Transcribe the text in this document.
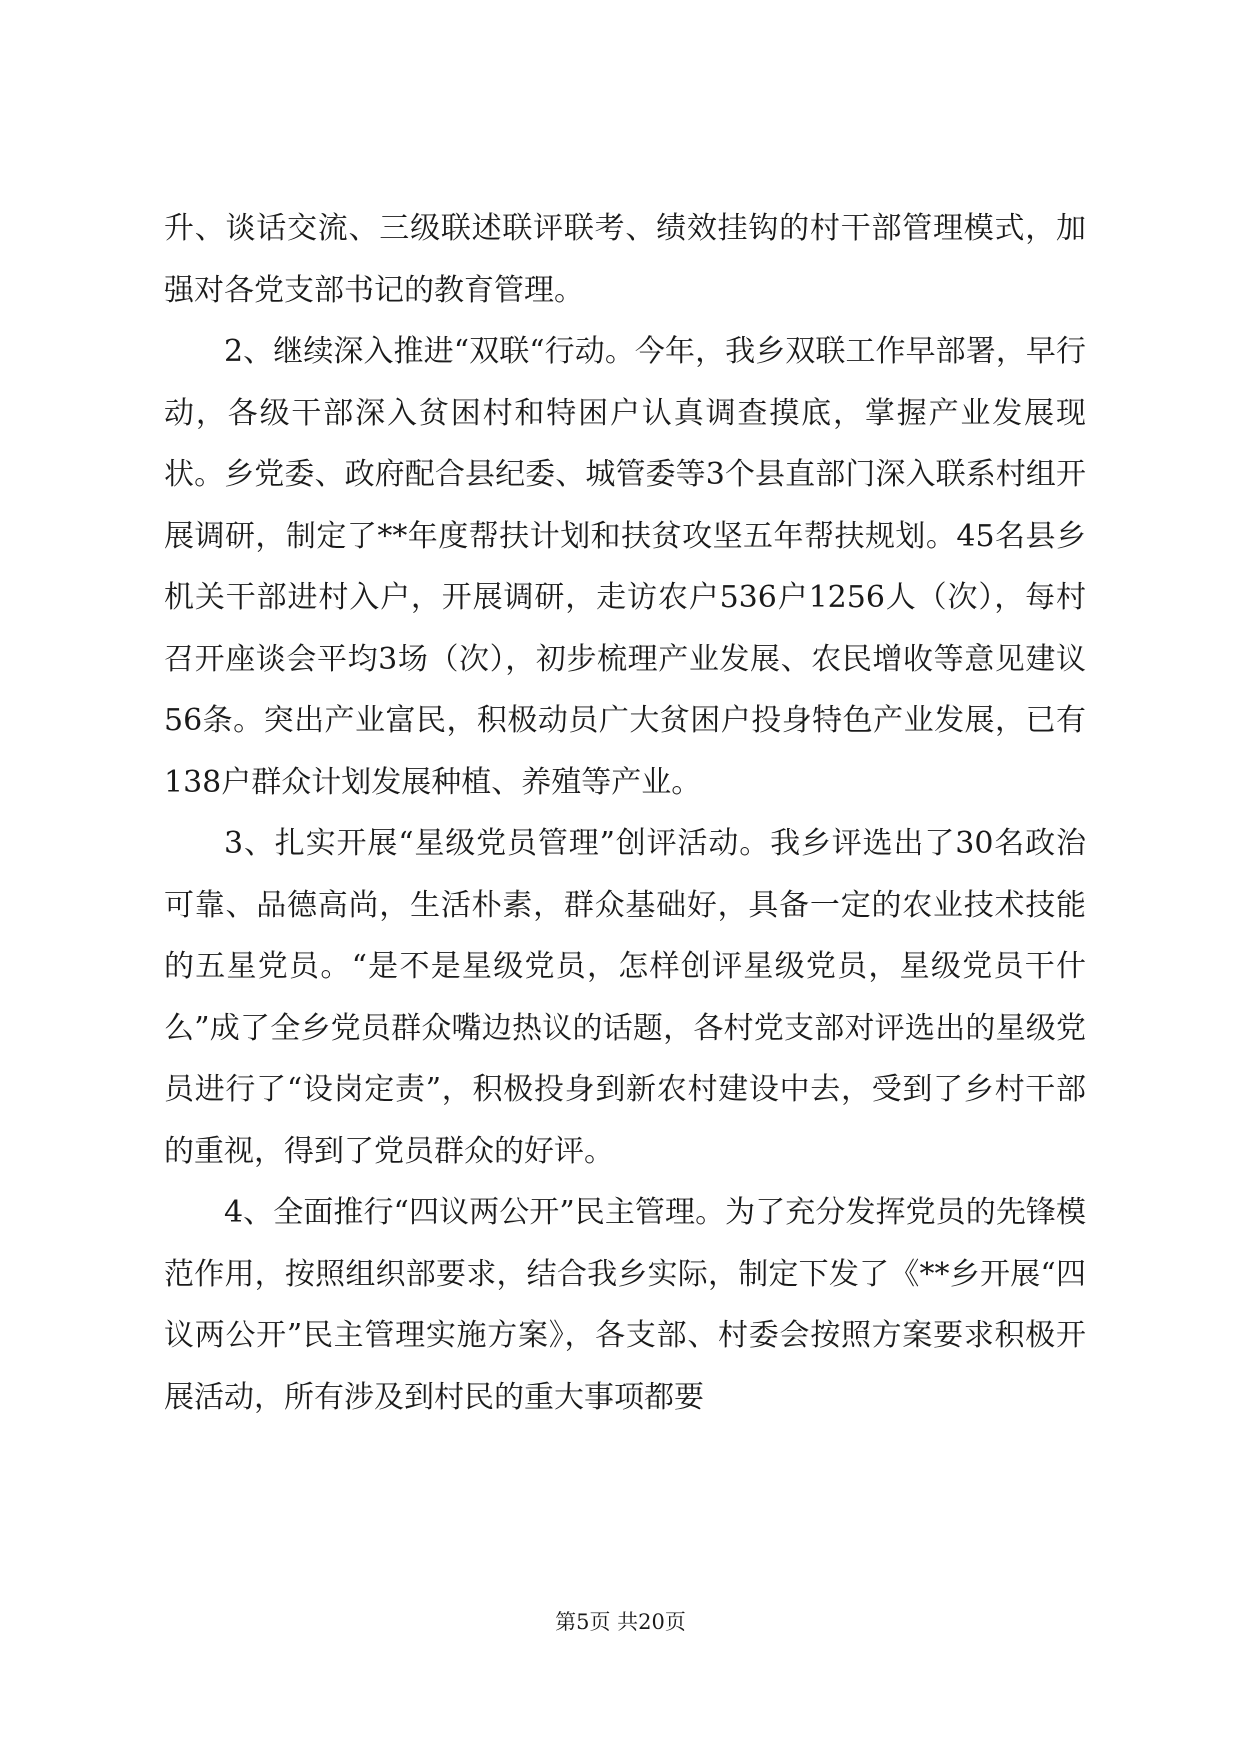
升、谈话交流、三级联述联评联考、绩效挂钩的村干部管理模式，加强对各党支部书记的教育管理。

2、继续深入推进“双联“行动。今年，我乡双联工作早部署，早行动，各级干部深入贫困村和特困户认真调查摸底，掌握产业发展现状。乡党委、政府配合县纪委、城管委等3个县直部门深入联系村组开展调研，制定了**年度帮扶计划和扶贫攻坚五年帮扶规划。45名县乡机关干部进村入户，开展调研，走访农户536户1256人（次），每村召开座谈会平均3场（次），初步梳理产业发展、农民增收等意见建议56条。突出产业富民，积极动员广大贫困户投身特色产业发展，已有138户群众计划发展种植、养殖等产业。

3、扎实开展“星级党员管理”创评活动。我乡评选出了30名政治可靠、品德高尚，生活朴素，群众基础好，具备一定的农业技术技能的五星党员。“是不是星级党员，怎样创评星级党员，星级党员干什么”成了全乡党员群众嘴边热议的话题，各村党支部对评选出的星级党员进行了“设岗定责”，积极投身到新农村建设中去，受到了乡村干部的重视，得到了党员群众的好评。

4、全面推行“四议两公开”民主管理。为了充分发挥党员的先锋模范作用，按照组织部要求，结合我乡实际，制定下发了《**乡开展“四议两公开”民主管理实施方案》，各支部、村委会按照方案要求积极开展活动，所有涉及到村民的重大事项都要

第5页 共20页
